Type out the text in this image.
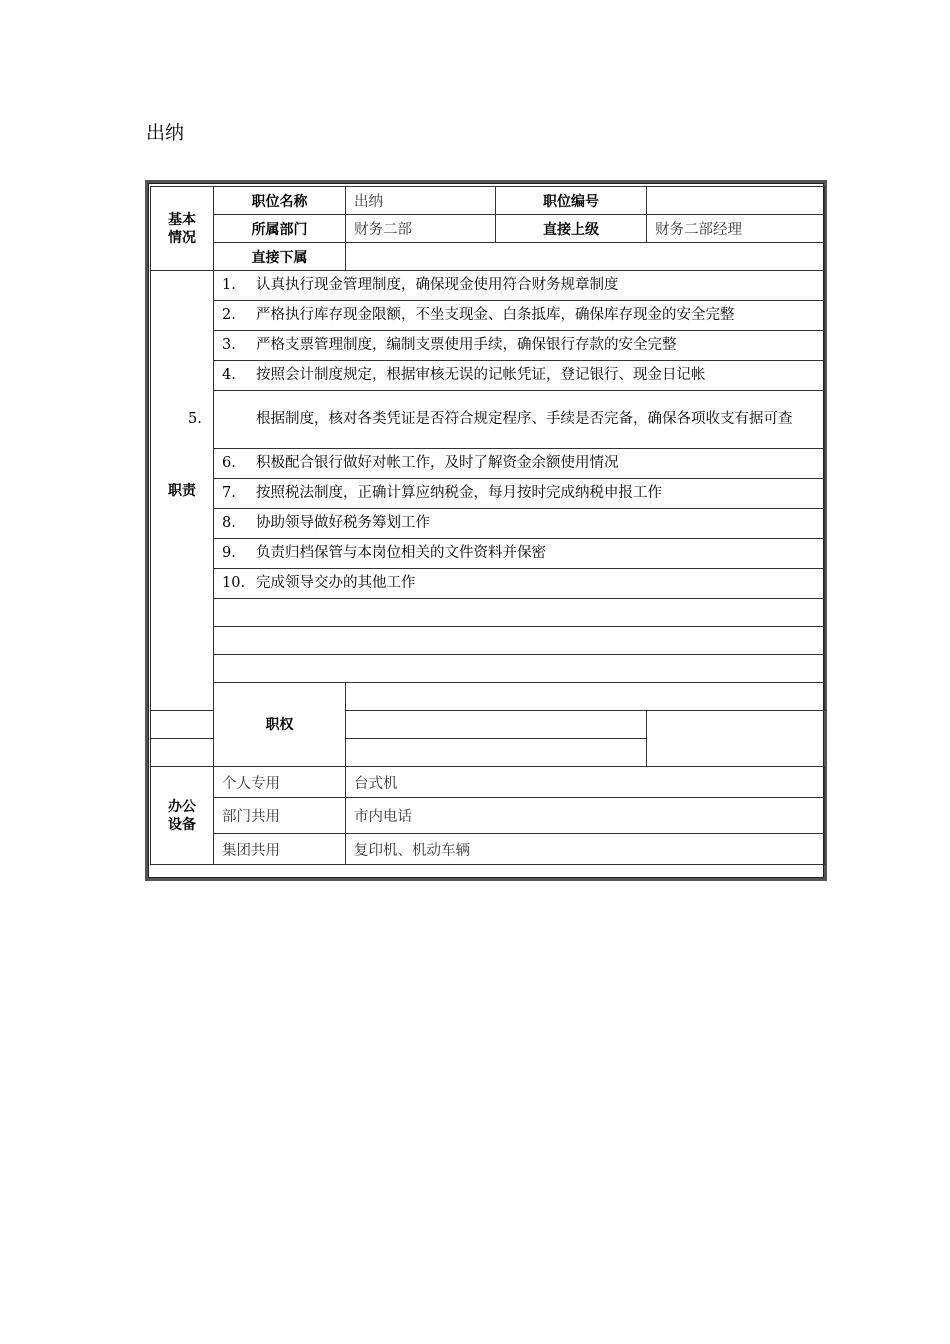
出纳
基本
情况	职位名称	出纳	职位编号	
	所属部门	财务二部	直接上级	财务二部经理
	直接下属			
职责	1. 认真执行现金管理制度，确保现金使用符合财务规章制度			
	2. 严格执行库存现金限额，不坐支现金、白条抵库，确保库存现金的安全完整			
	3. 严格支票管理制度，编制支票使用手续，确保银行存款的安全完整			
	4. 按照会计制度规定，根据审核无误的记帐凭证，登记银行、现金日记帐			

	5. 根据制度，核对各类凭证是否符合规定程序、手续是否完备，确保各项收支有据可查			

	6. 积极配合银行做好对帐工作，及时了解资金余额使用情况			
	7. 按照税法制度，正确计算应纳税金，每月按时完成纳税申报工作			
	8. 协助领导做好税务筹划工作			
	9. 负责归档保管与本岗位相关的文件资料并保密			
	10. 完成领导交办的其他工作			

	职权			

办公
设备	个人专用	台式机		
	部门共用	市内电话		
	集团共用	复印机、机动车辆		
